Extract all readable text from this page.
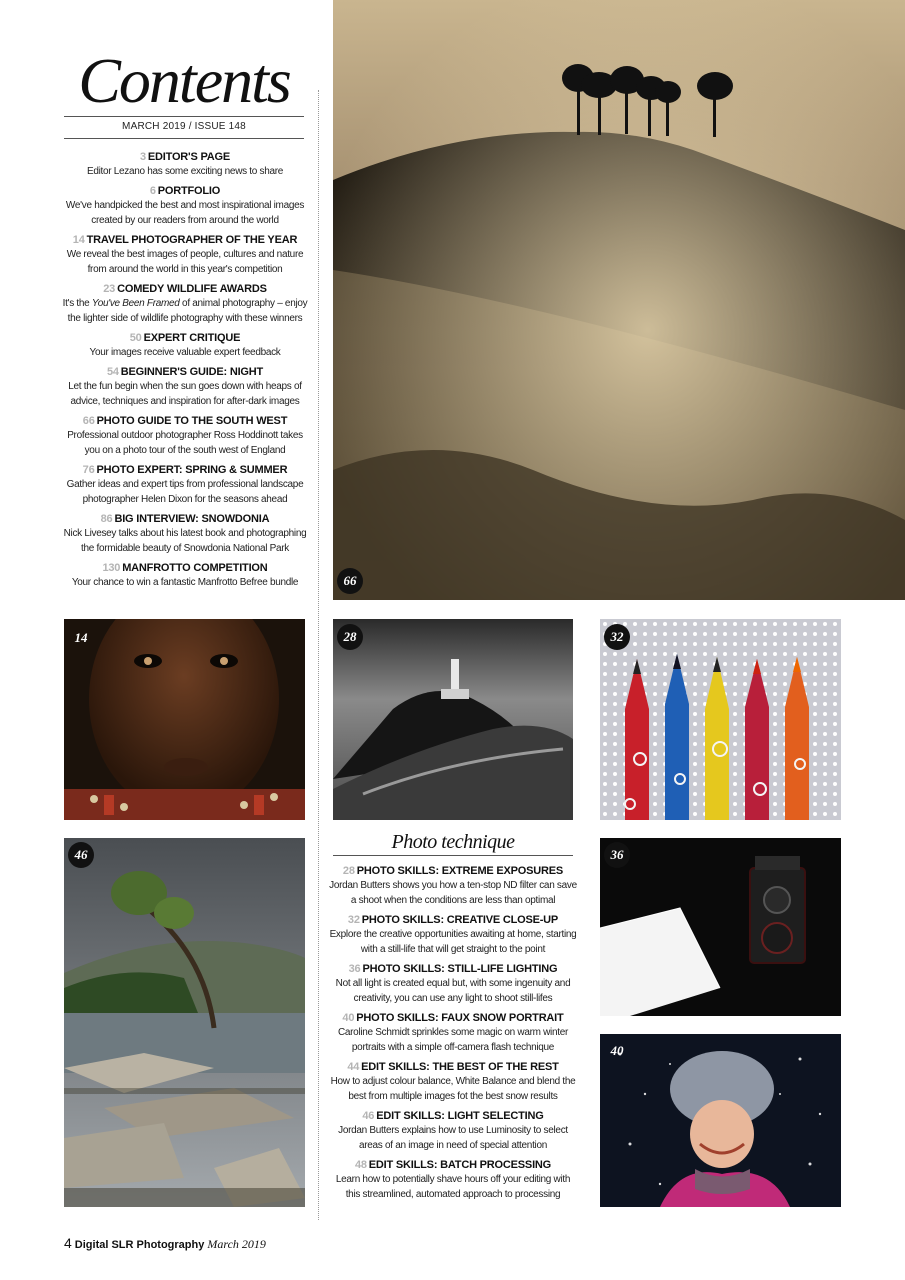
Contents
MARCH 2019 / ISSUE 148
3 EDITOR'S PAGE
Editor Lezano has some exciting news to share
6 PORTFOLIO
We've handpicked the best and most inspirational images created by our readers from around the world
14 TRAVEL PHOTOGRAPHER OF THE YEAR
We reveal the best images of people, cultures and nature from around the world in this year's competition
23 COMEDY WILDLIFE AWARDS
It's the You've Been Framed of animal photography – enjoy the lighter side of wildlife photography with these winners
50 EXPERT CRITIQUE
Your images receive valuable expert feedback
54 BEGINNER'S GUIDE: NIGHT
Let the fun begin when the sun goes down with heaps of advice, techniques and inspiration for after-dark images
66 PHOTO GUIDE TO THE SOUTH WEST
Professional outdoor photographer Ross Hoddinott takes you on a photo tour of the south west of England
76 PHOTO EXPERT: SPRING & SUMMER
Gather ideas and expert tips from professional landscape photographer Helen Dixon for the seasons ahead
86 BIG INTERVIEW: SNOWDONIA
Nick Livesey talks about his latest book and photographing the formidable beauty of Snowdonia National Park
130 MANFROTTO COMPETITION
Your chance to win a fantastic Manfrotto Befree bundle	66
14	28	32
46
Photo technique
28 PHOTO SKILLS: EXTREME EXPOSURES
Jordan Butters shows you how a ten-stop ND filter can save a shoot when the conditions are less than optimal
32 PHOTO SKILLS: CREATIVE CLOSE-UP
Explore the creative opportunities awaiting at home, starting with a still-life that will get straight to the point
36 PHOTO SKILLS: STILL-LIFE LIGHTING
Not all light is created equal but, with some ingenuity and creativity, you can use any light to shoot still-lifes
40 PHOTO SKILLS: FAUX SNOW PORTRAIT
Caroline Schmidt sprinkles some magic on warm winter portraits with a simple off-camera flash technique
44 EDIT SKILLS: THE BEST OF THE REST
How to adjust colour balance, White Balance and blend the best from multiple images fot the best snow results
46 EDIT SKILLS: LIGHT SELECTING
Jordan Butters explains how to use Luminosity to select areas of an image in need of special attention
48 EDIT SKILLS: BATCH PROCESSING
Learn how to potentially shave hours off your editing with this streamlined, automated approach to processing
36
40
4 Digital SLR Photography March 2019
